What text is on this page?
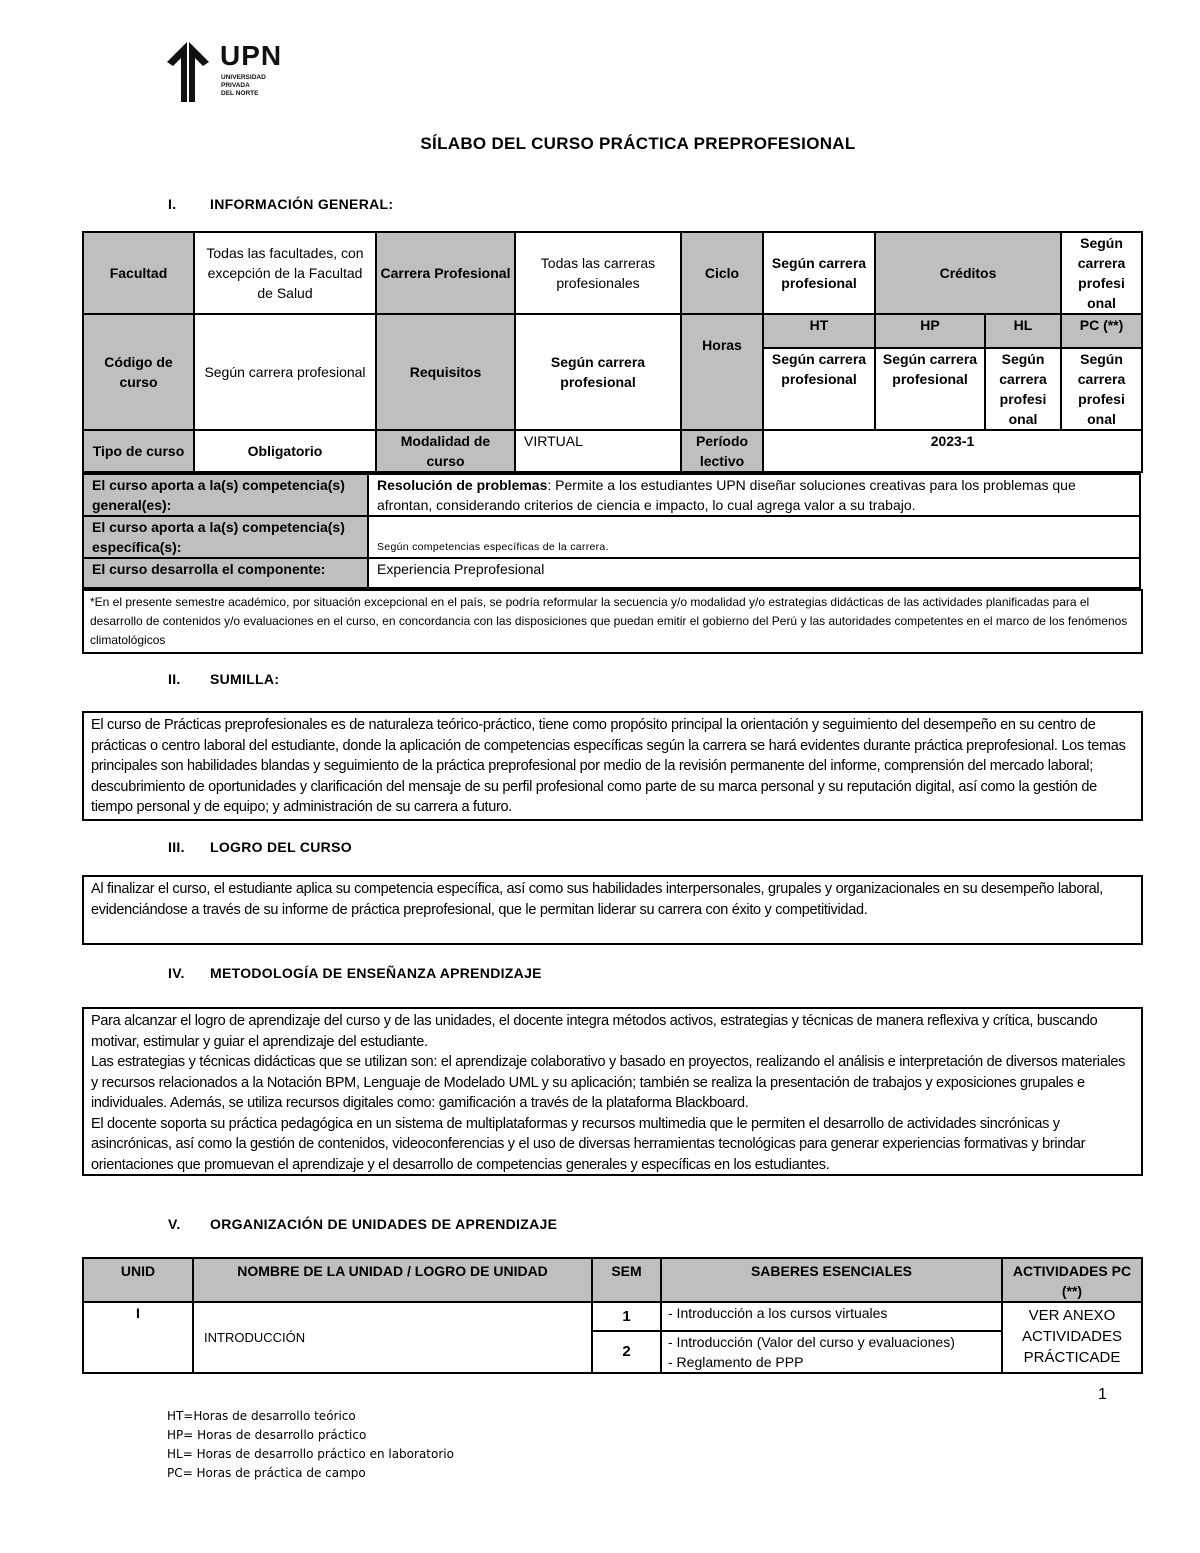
UPN
UNIVERSIDAD
PRIVADA
DEL NORTE
SÍLABO DEL CURSO PRÁCTICA PREPROFESIONAL
I. INFORMACIÓN GENERAL:
Facultad	Todas las facultades, con excepción de la Facultad de Salud	Carrera Profesional	Todas las carreras profesionales	Ciclo	Según carrera profesional	Créditos		Según carrera profesi onal
Código de curso	Según carrera profesional	Requisitos	Según carrera profesional	Horas	HT	HP	HL	PC (**)
					Según carrera profesional	Según carrera profesional	Según carrera profesi onal	Según carrera profesi onal
Tipo de curso	Obligatorio	Modalidad de curso	VIRTUAL	Período lectivo	2023-1			
El curso aporta a la(s) competencia(s) general(es):	Resolución de problemas: Permite a los estudiantes UPN diseñar soluciones creativas para los problemas que afrontan, considerando criterios de ciencia e impacto, lo cual agrega valor a su trabajo.
El curso aporta a la(s) competencia(s) específica(s):	Según competencias específicas de la carrera.
El curso desarrolla el componente:	Experiencia Preprofesional
*En el presente semestre académico, por situación excepcional en el país, se podría reformular la secuencia y/o modalidad y/o estrategias didácticas de las actividades planificadas para el desarrollo de contenidos y/o evaluaciones en el curso, en concordancia con las disposiciones que puedan emitir el gobierno del Perú y las autoridades competentes en el marco de los fenómenos climatológicos
II. SUMILLA:

El curso de Prácticas preprofesionales es de naturaleza teórico-práctico, tiene como propósito principal la orientación y seguimiento del desempeño en su centro de prácticas o centro laboral del estudiante, donde la aplicación de competencias específicas según la carrera se hará evidentes durante práctica preprofesional. Los temas principales son habilidades blandas y seguimiento de la práctica preprofesional por medio de la revisión permanente del informe, comprensión del mercado laboral; descubrimiento de oportunidades y clarificación del mensaje de su perfil profesional como parte de su marca personal y su reputación digital, así como la gestión de tiempo personal y de equipo; y administración de su carrera a futuro.

III. LOGRO DEL CURSO

Al finalizar el curso, el estudiante aplica su competencia específica, así como sus habilidades interpersonales, grupales y organizacionales en su desempeño laboral, evidenciándose a través de su informe de práctica preprofesional, que le permitan liderar su carrera con éxito y competitividad.

IV. METODOLOGÍA DE ENSEÑANZA APRENDIZAJE

Para alcanzar el logro de aprendizaje del curso y de las unidades, el docente integra métodos activos, estrategias y técnicas de manera reflexiva y crítica, buscando motivar, estimular y guiar el aprendizaje del estudiante.

Las estrategias y técnicas didácticas que se utilizan son: el aprendizaje colaborativo y basado en proyectos, realizando el análisis e interpretación de diversos materiales y recursos relacionados a la Notación BPM, Lenguaje de Modelado UML y su aplicación; también se realiza la presentación de trabajos y exposiciones grupales e individuales. Además, se utiliza recursos digitales como: gamificación a través de la plataforma Blackboard.

El docente soporta su práctica pedagógica en un sistema de multiplataformas y recursos multimedia que le permiten el desarrollo de actividades sincrónicas y asincrónicas, así como la gestión de contenidos, videoconferencias y el uso de diversas herramientas tecnológicas para generar experiencias formativas y brindar orientaciones que promuevan el aprendizaje y el desarrollo de competencias generales y específicas en los estudiantes.

V. ORGANIZACIÓN DE UNIDADES DE APRENDIZAJE
UNID	NOMBRE DE LA UNIDAD / LOGRO DE UNIDAD	SEM	SABERES ESENCIALES	ACTIVIDADES PC (**)
I	INTRODUCCIÓN	1	- Introducción a los cursos virtuales	VER ANEXO ACTIVIDADES PRÁCTICADE
		2	- Introducción (Valor del curso y evaluaciones)
- Reglamento de PPP	
1
HT=Horas de desarrollo teórico
HP= Horas de desarrollo práctico
HL= Horas de desarrollo práctico en laboratorio
PC= Horas de práctica de campo
